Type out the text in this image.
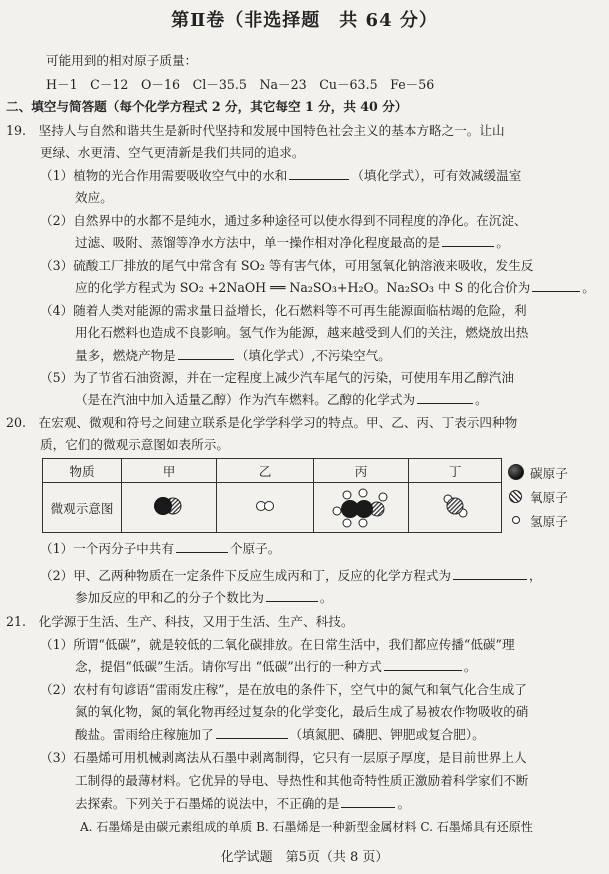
第Ⅱ卷（非选择题　共 64 分）
可能用到的相对原子质量：
H－1　C－12　O－16　Cl－35.5　Na－23　Cu－63.5　Fe－56
二、填空与简答题（每个化学方程式 2 分，其它每空 1 分，共 40 分）
19.　坚持人与自然和谐共生是新时代坚持和发展中国特色社会主义的基本方略之一。让山
更绿、水更清、空气更清新是我们共同的追求。
（1）植物的光合作用需要吸收空气中的水和	（填化学式），可有效减缓温室
效应。
（2）自然界中的水都不是纯水，通过多种途径可以使水得到不同程度的净化。在沉淀、
过滤、吸附、蒸馏等净水方法中，单一操作相对净化程度最高的是	。
（3）硫酸工厂排放的尾气中常含有 SO₂ 等有害气体，可用氢氧化钠溶液来吸收，发生反
应的化学方程式为 SO₂ +2NaOH ══ Na₂SO₃+H₂O。Na₂SO₃ 中 S 的化合价为	。
（4）随着人类对能源的需求量日益增长，化石燃料等不可再生能源面临枯竭的危险，利
用化石燃料也造成不良影响。氢气作为能源，越来越受到人们的关注，燃烧放出热
量多，燃烧产物是	（填化学式）,不污染空气。
（5）为了节省石油资源，并在一定程度上减少汽车尾气的污染，可使用车用乙醇汽油
（是在汽油中加入适量乙醇）作为汽车燃料。乙醇的化学式为	。
20.　在宏观、微观和符号之间建立联系是化学学科学习的特点。甲、乙、丙、丁表示四种物
质，它们的微观示意图如表所示。
物质	甲	乙	丙	丁
微观示意图				
碳原子
氧原子
氢原子
（1）一个丙分子中共有	个原子。
（2）甲、乙两种物质在一定条件下反应生成丙和丁，反应的化学方程式为	，
参加反应的甲和乙的分子个数比为	。
21.　化学源于生活、生产、科技，又用于生活、生产、科技。
（1）所谓“低碳”，就是较低的二氧化碳排放。在日常生活中，我们都应传播“低碳”理
念，提倡“低碳”生活。请你写出 “低碳”出行的一种方式	。
（2）农村有句谚语“雷雨发庄稼”，是在放电的条件下，空气中的氮气和氧气化合生成了
氮的氧化物，氮的氧化物再经过复杂的化学变化，最后生成了易被农作物吸收的硝
酸盐。雷雨给庄稼施加了	（填氮肥、磷肥、钾肥或复合肥）。
（3）石墨烯可用机械剥离法从石墨中剥离制得，它只有一层原子厚度，是目前世界上人
工制得的最薄材料。它优异的导电、导热性和其他奇特性质正激励着科学家们不断
去探索。下列关于石墨烯的说法中，不正确的是	。
A. 石墨烯是由碳元素组成的单质 B. 石墨烯是一种新型金属材料 C. 石墨烯具有还原性
化学试题　第5页（共 8 页）
